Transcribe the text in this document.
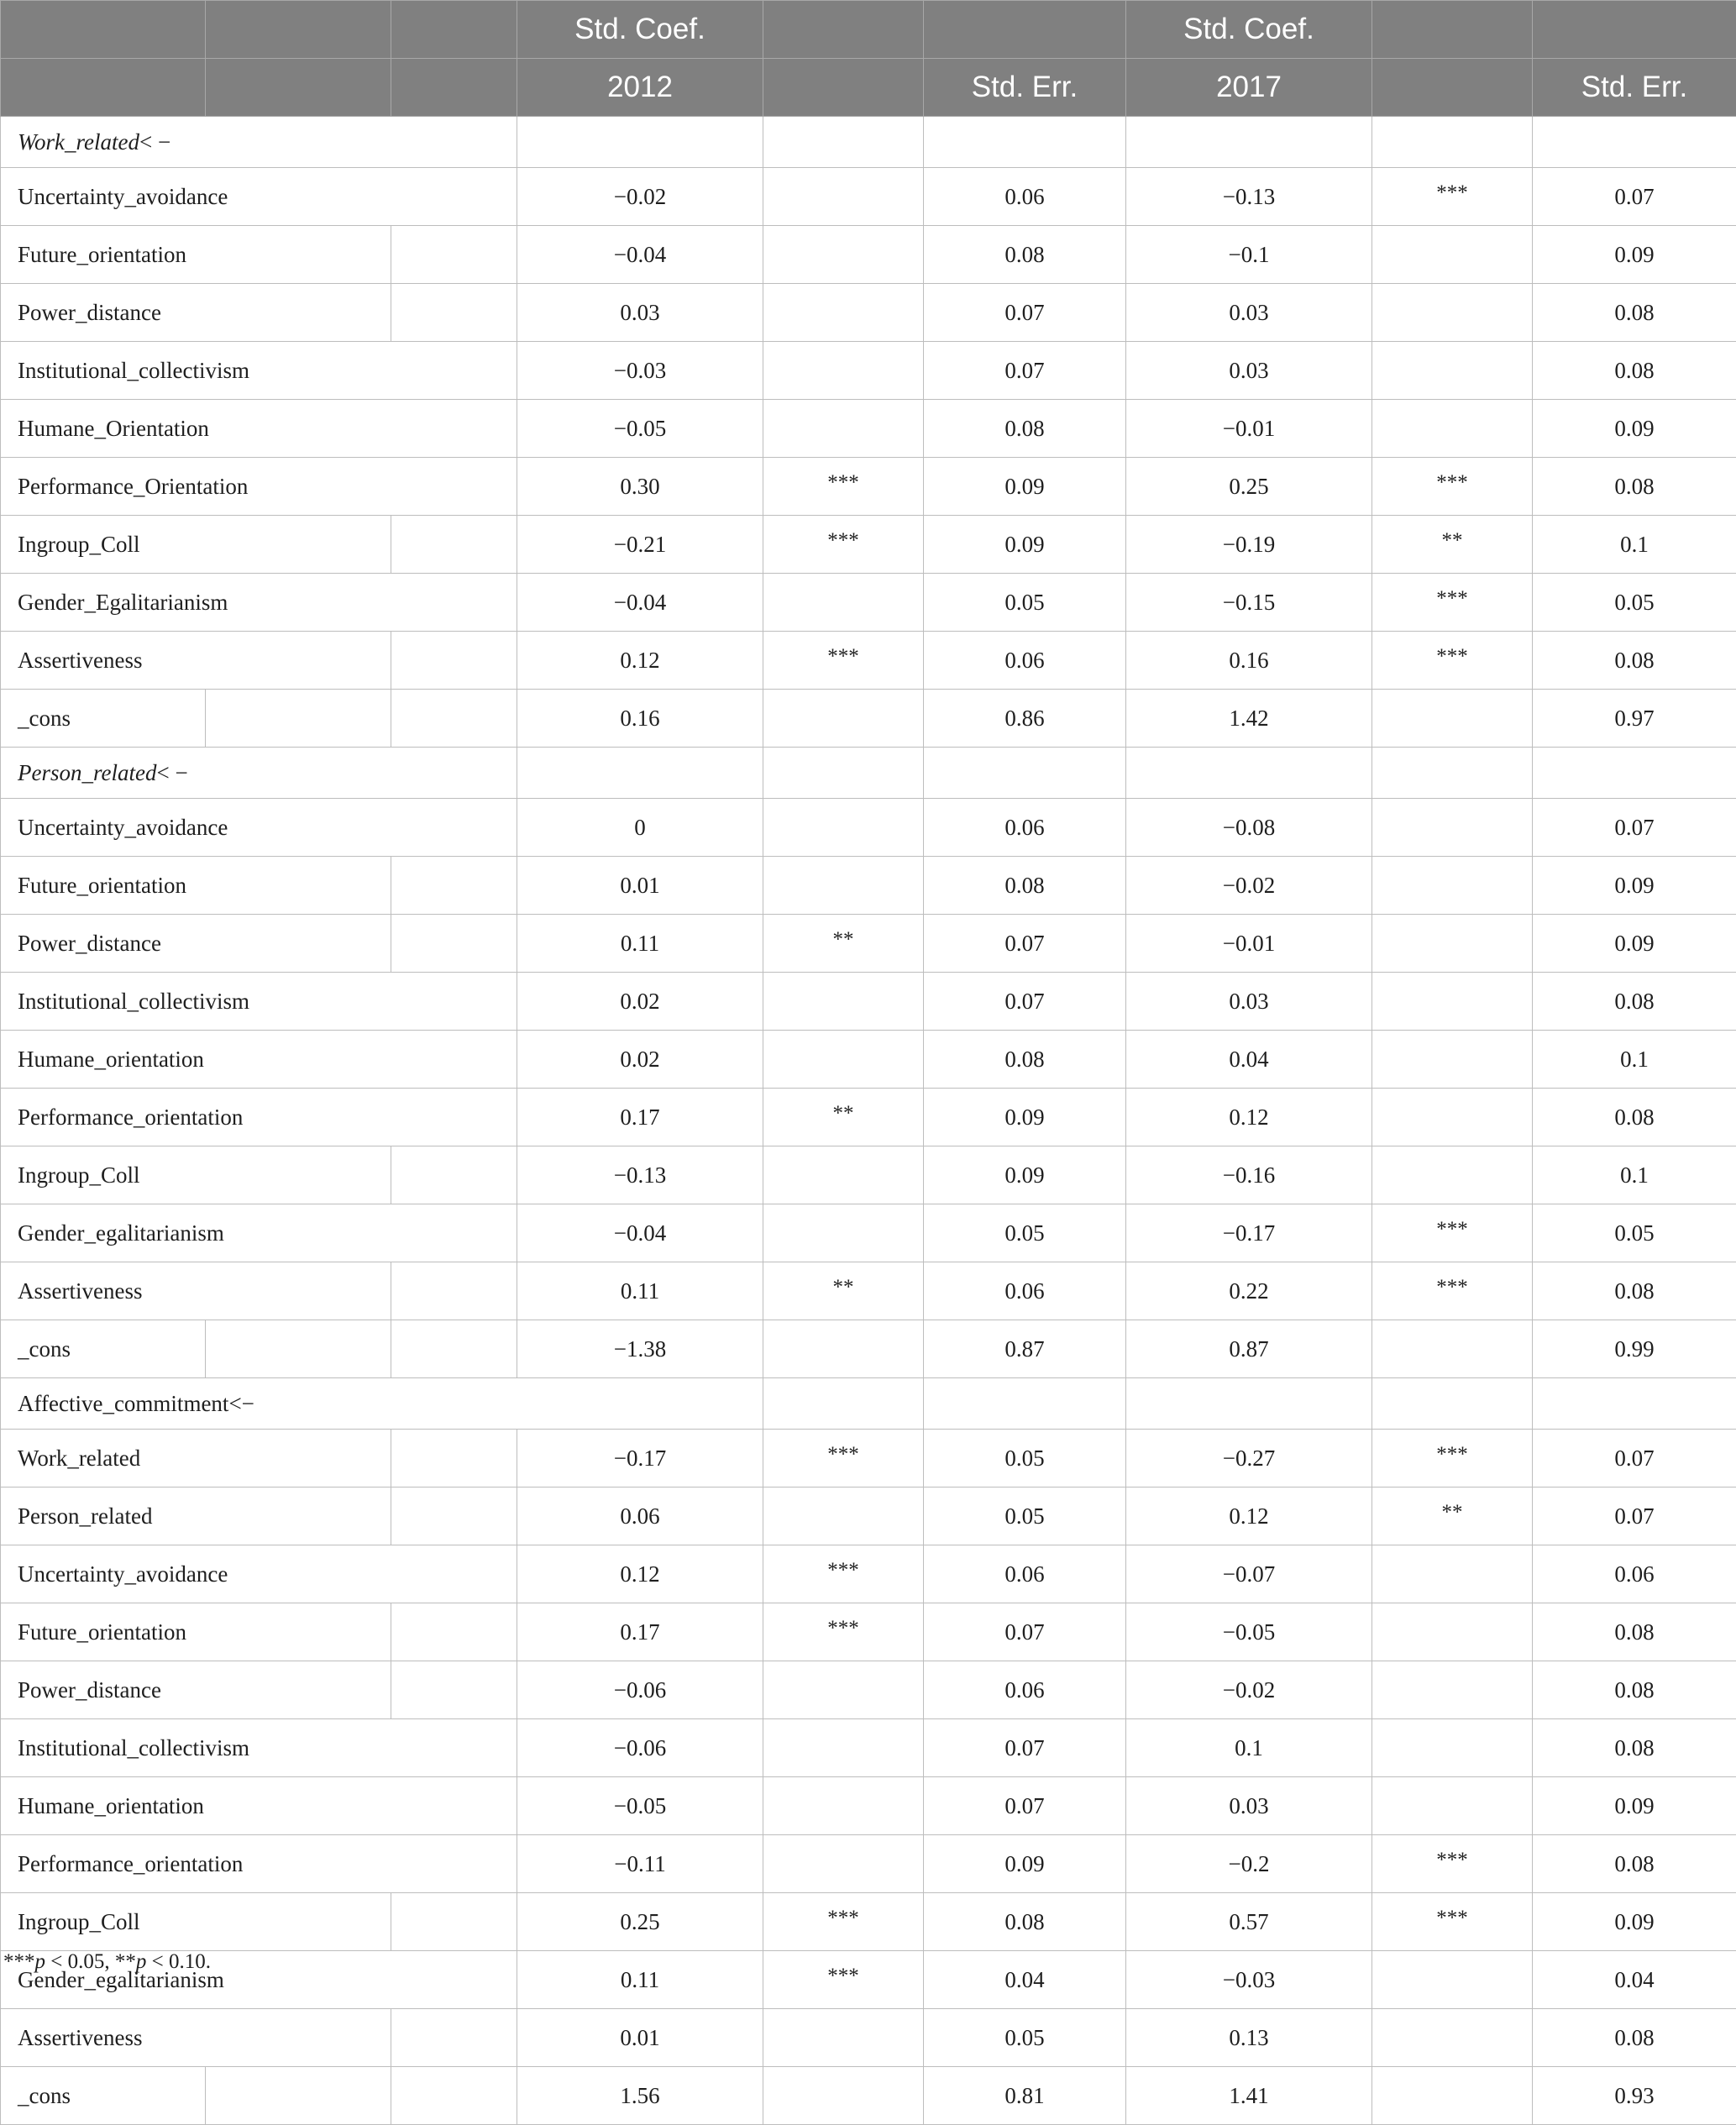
			Std. Coef.			Std. Coef.		
			2012		Std. Err.	2017		Std. Err.
Work_related< −								
Uncertainty_avoidance			−0.02		0.06	−0.13	***	0.07
Future_orientation			−0.04		0.08	−0.1		0.09
Power_distance			0.03		0.07	0.03		0.08
Institutional_collectivism			−0.03		0.07	0.03		0.08
Humane_Orientation			−0.05		0.08	−0.01		0.09
Performance_Orientation			0.30	***	0.09	0.25	***	0.08
Ingroup_Coll			−0.21	***	0.09	−0.19	**	0.1
Gender_Egalitarianism			−0.04		0.05	−0.15	***	0.05
Assertiveness			0.12	***	0.06	0.16	***	0.08
_cons			0.16		0.86	1.42		0.97
Person_related< −								
Uncertainty_avoidance			0		0.06	−0.08		0.07
Future_orientation			0.01		0.08	−0.02		0.09
Power_distance			0.11	**	0.07	−0.01		0.09
Institutional_collectivism			0.02		0.07	0.03		0.08
Humane_orientation			0.02		0.08	0.04		0.1
Performance_orientation			0.17	**	0.09	0.12		0.08
Ingroup_Coll			−0.13		0.09	−0.16		0.1
Gender_egalitarianism			−0.04		0.05	−0.17	***	0.05
Assertiveness			0.11	**	0.06	0.22	***	0.08
_cons			−1.38		0.87	0.87		0.99
Affective_commitment<−								
Work_related			−0.17	***	0.05	−0.27	***	0.07
Person_related			0.06		0.05	0.12	**	0.07
Uncertainty_avoidance			0.12	***	0.06	−0.07		0.06
Future_orientation			0.17	***	0.07	−0.05		0.08
Power_distance			−0.06		0.06	−0.02		0.08
Institutional_collectivism			−0.06		0.07	0.1		0.08
Humane_orientation			−0.05		0.07	0.03		0.09
Performance_orientation			−0.11		0.09	−0.2	***	0.08
Ingroup_Coll			0.25	***	0.08	0.57	***	0.09
Gender_egalitarianism			0.11	***	0.04	−0.03		0.04
Assertiveness			0.01		0.05	0.13		0.08
_cons			1.56		0.81	1.41		0.93
***p < 0.05, **p < 0.10.
